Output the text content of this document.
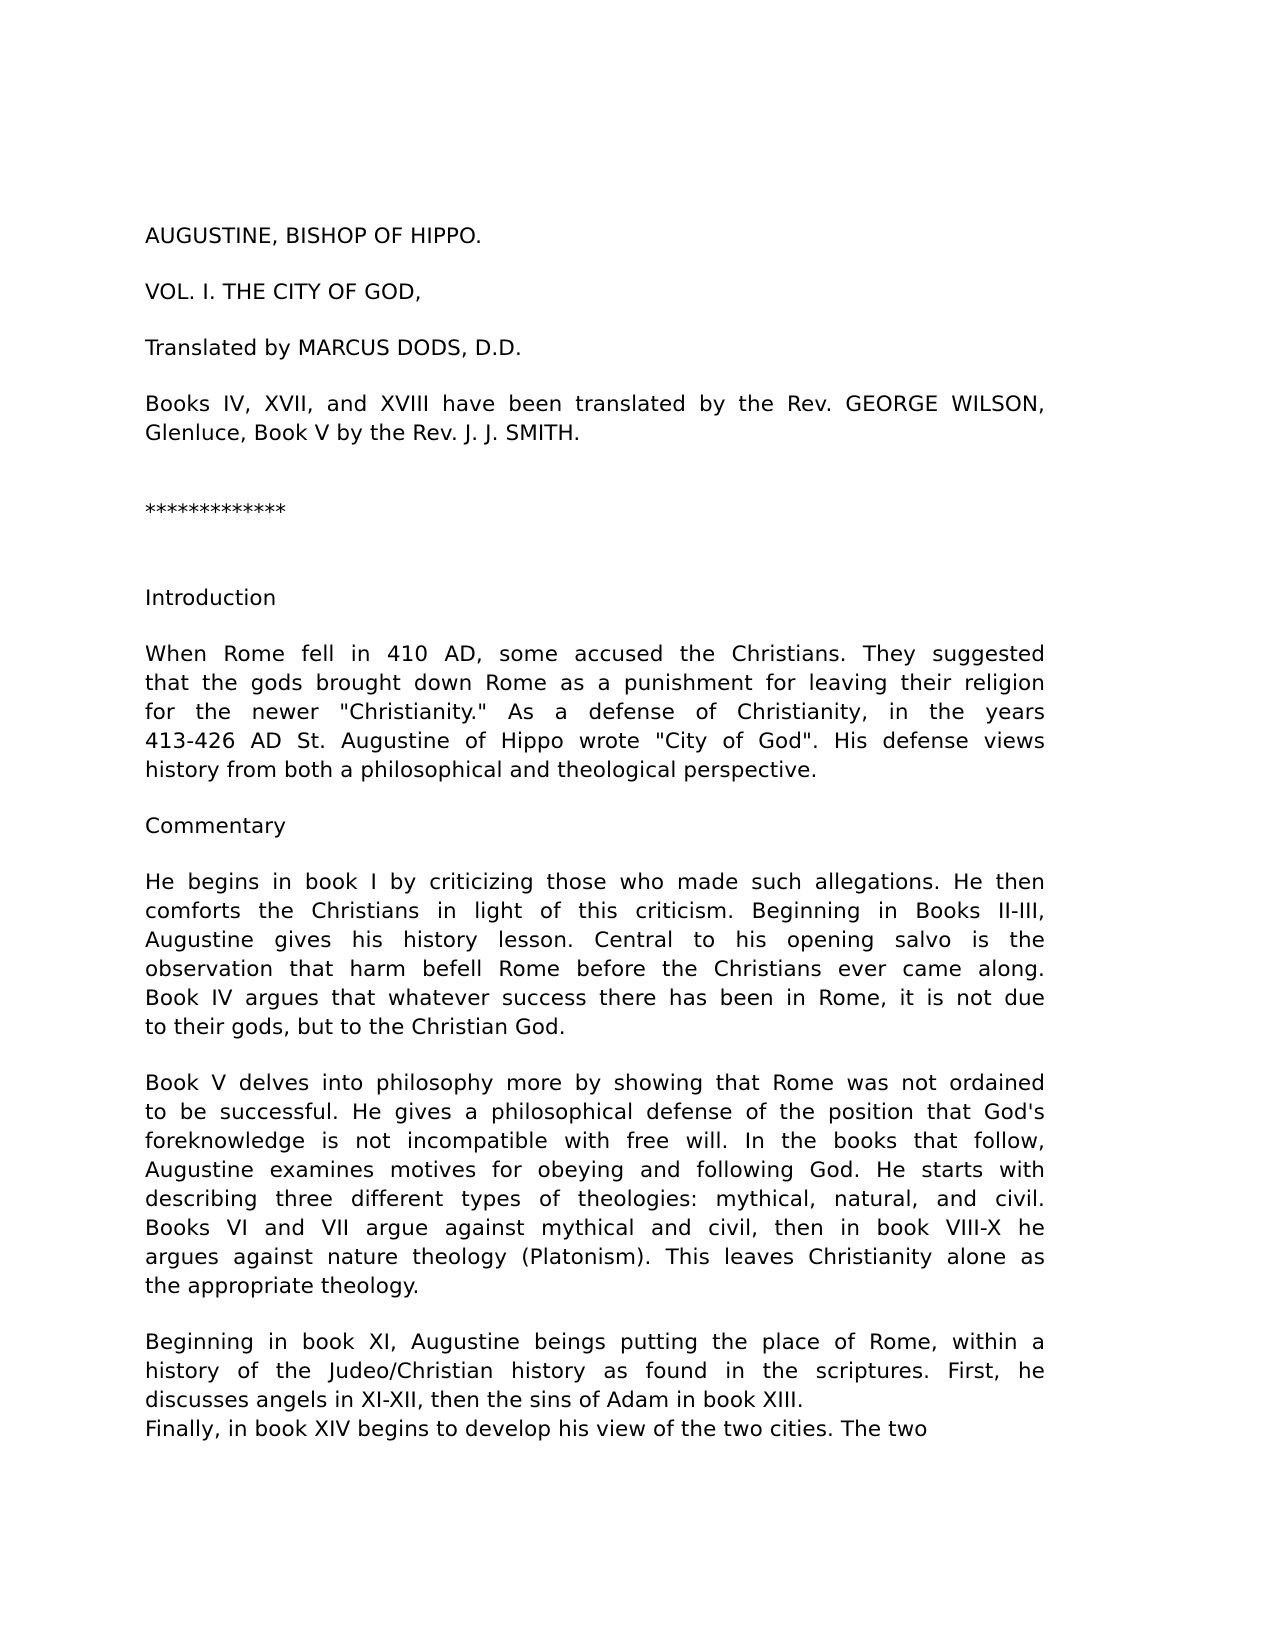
AUGUSTINE, BISHOP OF HIPPO.
VOL. I. THE CITY OF GOD,
Translated by MARCUS DODS, D.D.
Books IV, XVII, and XVIII have been translated by the Rev. GEORGE WILSON,
Glenluce, Book V by the Rev. J. J. SMITH.
*************
Introduction
When Rome fell in 410 AD, some accused the Christians. They suggested
that the gods brought down Rome as a punishment for leaving their religion
for the newer "Christianity." As a defense of Christianity, in the years
413-426 AD St. Augustine of Hippo wrote "City of God". His defense views
history from both a philosophical and theological perspective.
Commentary
He begins in book I by criticizing those who made such allegations. He then
comforts the Christians in light of this criticism. Beginning in Books II-III,
Augustine gives his history lesson. Central to his opening salvo is the
observation that harm befell Rome before the Christians ever came along.
Book IV argues that whatever success there has been in Rome, it is not due
to their gods, but to the Christian God.
Book V delves into philosophy more by showing that Rome was not ordained
to be successful. He gives a philosophical defense of the position that God's
foreknowledge is not incompatible with free will. In the books that follow,
Augustine examines motives for obeying and following God. He starts with
describing three different types of theologies: mythical, natural, and civil.
Books VI and VII argue against mythical and civil, then in book VIII-X he
argues against nature theology (Platonism). This leaves Christianity alone as
the appropriate theology.
Beginning in book XI, Augustine beings putting the place of Rome, within a
history of the Judeo/Christian history as found in the scriptures. First, he
discusses angels in XI-XII, then the sins of Adam in book XIII.
Finally, in book XIV begins to develop his view of the two cities. The two
